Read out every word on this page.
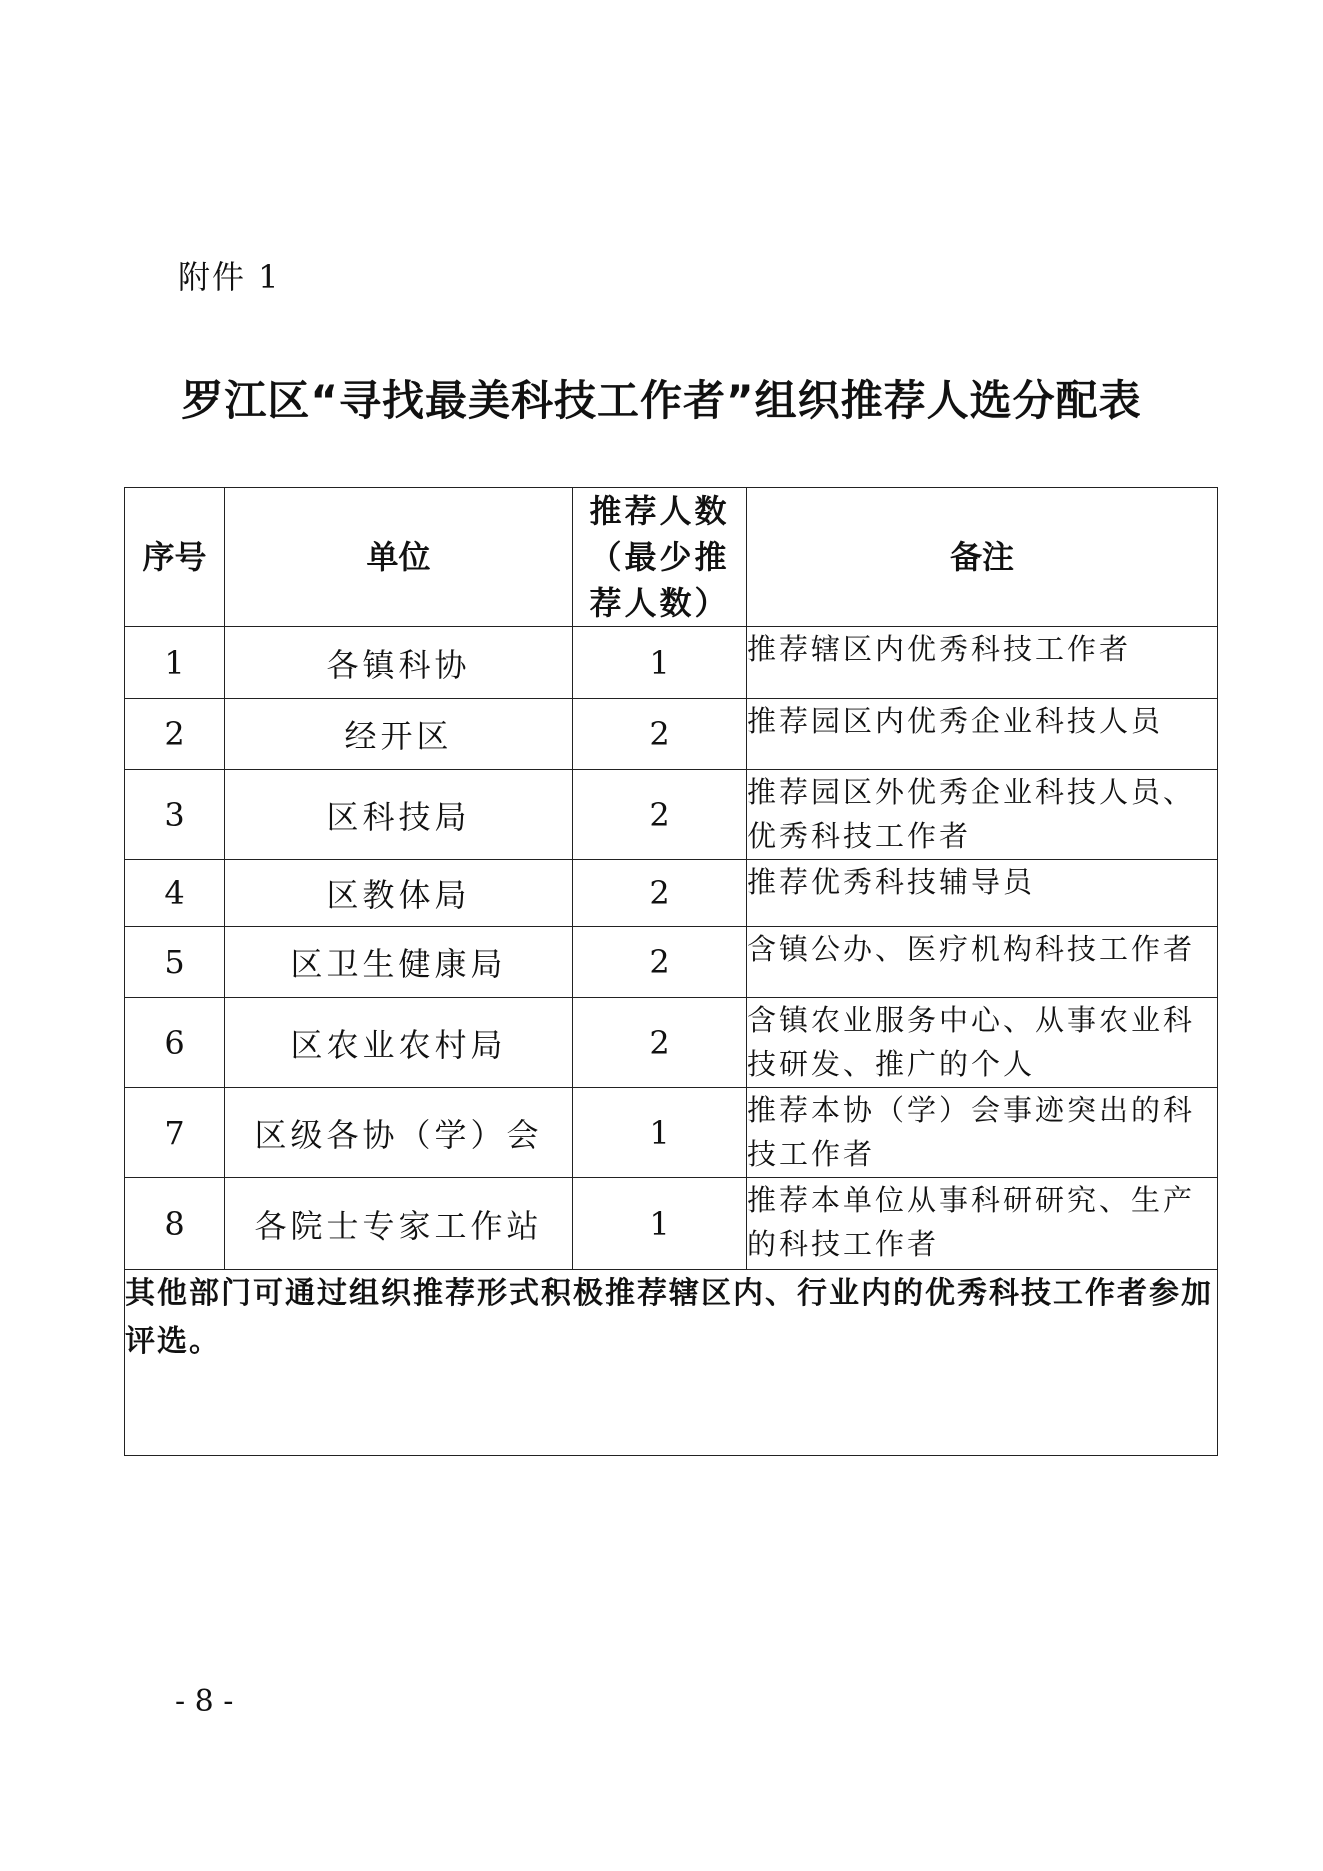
附件 1
罗江区“寻找最美科技工作者”组织推荐人选分配表
序号	单位	推荐人数（最少推荐人数）	备注
1	各镇科协	1	推荐辖区内优秀科技工作者
2	经开区	2	推荐园区内优秀企业科技人员
3	区科技局	2	推荐园区外优秀企业科技人员、优秀科技工作者
4	区教体局	2	推荐优秀科技辅导员
5	区卫生健康局	2	含镇公办、医疗机构科技工作者
6	区农业农村局	2	含镇农业服务中心、从事农业科技研发、推广的个人
7	区级各协（学）会	1	推荐本协（学）会事迹突出的科技工作者
8	各院士专家工作站	1	推荐本单位从事科研研究、生产的科技工作者
其他部门可通过组织推荐形式积极推荐辖区内、行业内的优秀科技工作者参加评选。			
- 8 -
